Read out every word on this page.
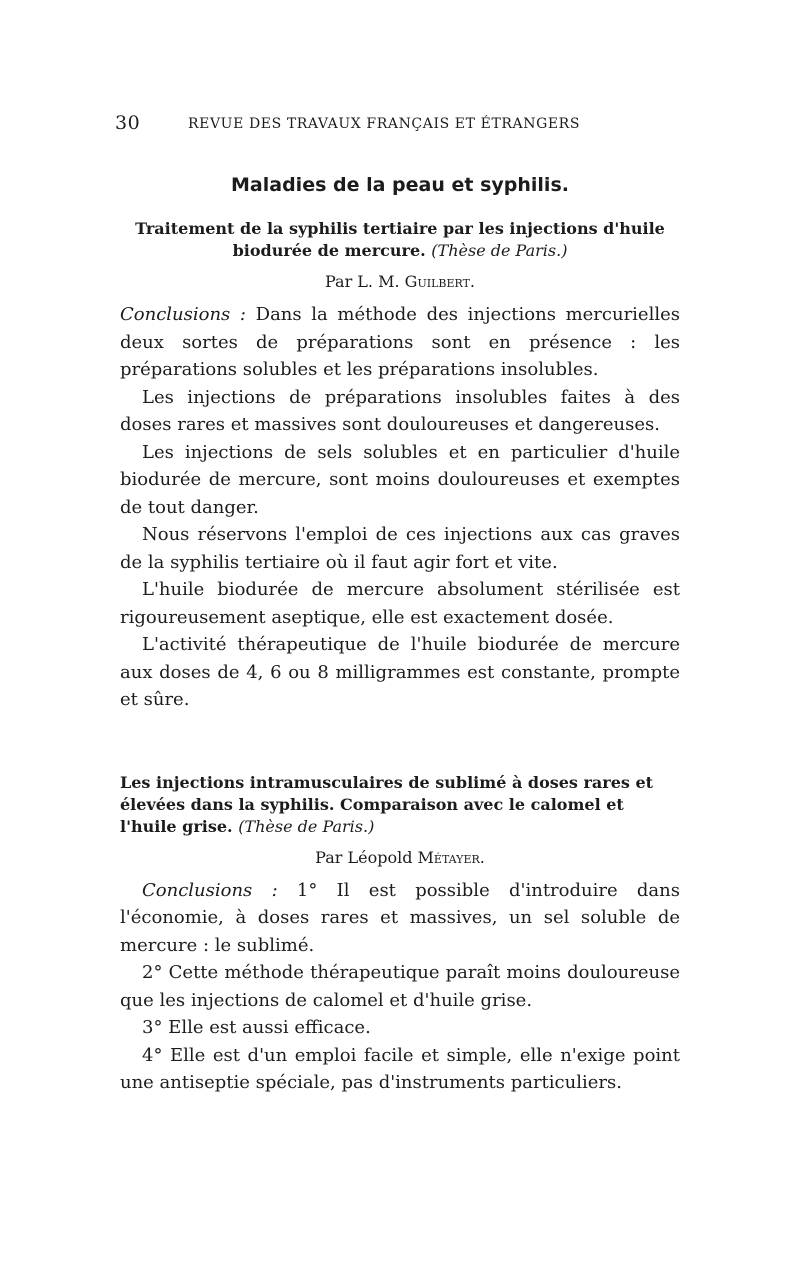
30	REVUE DES TRAVAUX FRANÇAIS ET ÉTRANGERS
Maladies de la peau et syphilis.
Traitement de la syphilis tertiaire par les injections d'huile biodurée de mercure. (Thèse de Paris.)
Par L. M. Guilbert.

Conclusions : Dans la méthode des injections mercurielles deux sortes de préparations sont en présence : les préparations solubles et les préparations insolubles.

Les injections de préparations insolubles faites à des doses rares et massives sont douloureuses et dangereuses.

Les injections de sels solubles et en particulier d'huile biodurée de mercure, sont moins douloureuses et exemptes de tout danger.

Nous réservons l'emploi de ces injections aux cas graves de la syphilis tertiaire où il faut agir fort et vite.

L'huile biodurée de mercure absolument stérilisée est rigoureusement aseptique, elle est exactement dosée.

L'activité thérapeutique de l'huile biodurée de mercure aux doses de 4, 6 ou 8 milligrammes est constante, prompte et sûre.

Les injections intramusculaires de sublimé à doses rares et élevées dans la syphilis. Comparaison avec le calomel et l'huile grise. (Thèse de Paris.)
Par Léopold Métayer.

Conclusions : 1° Il est possible d'introduire dans l'économie, à doses rares et massives, un sel soluble de mercure : le sublimé.

2° Cette méthode thérapeutique paraît moins douloureuse que les injections de calomel et d'huile grise.

3° Elle est aussi efficace.

4° Elle est d'un emploi facile et simple, elle n'exige point une antiseptie spéciale, pas d'instruments particuliers.
